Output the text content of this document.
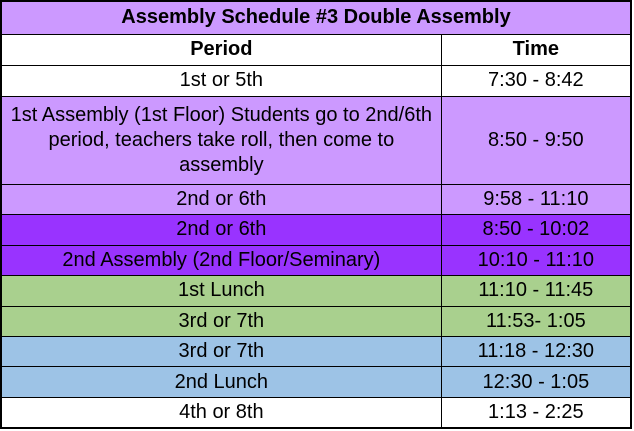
Assembly Schedule #3 Double Assembly	
Period	Time
1st or 5th	7:30 - 8:42
1st Assembly (1st Floor) Students go to 2nd/6th period, teachers take roll, then come to assembly	8:50 - 9:50
2nd or 6th	9:58 - 11:10
2nd or 6th	8:50 - 10:02
2nd Assembly (2nd Floor/Seminary)	10:10 - 11:10
1st Lunch	11:10 - 11:45
3rd or 7th	11:53- 1:05
3rd or 7th	11:18 - 12:30
2nd Lunch	12:30 - 1:05
4th or 8th	1:13 - 2:25
